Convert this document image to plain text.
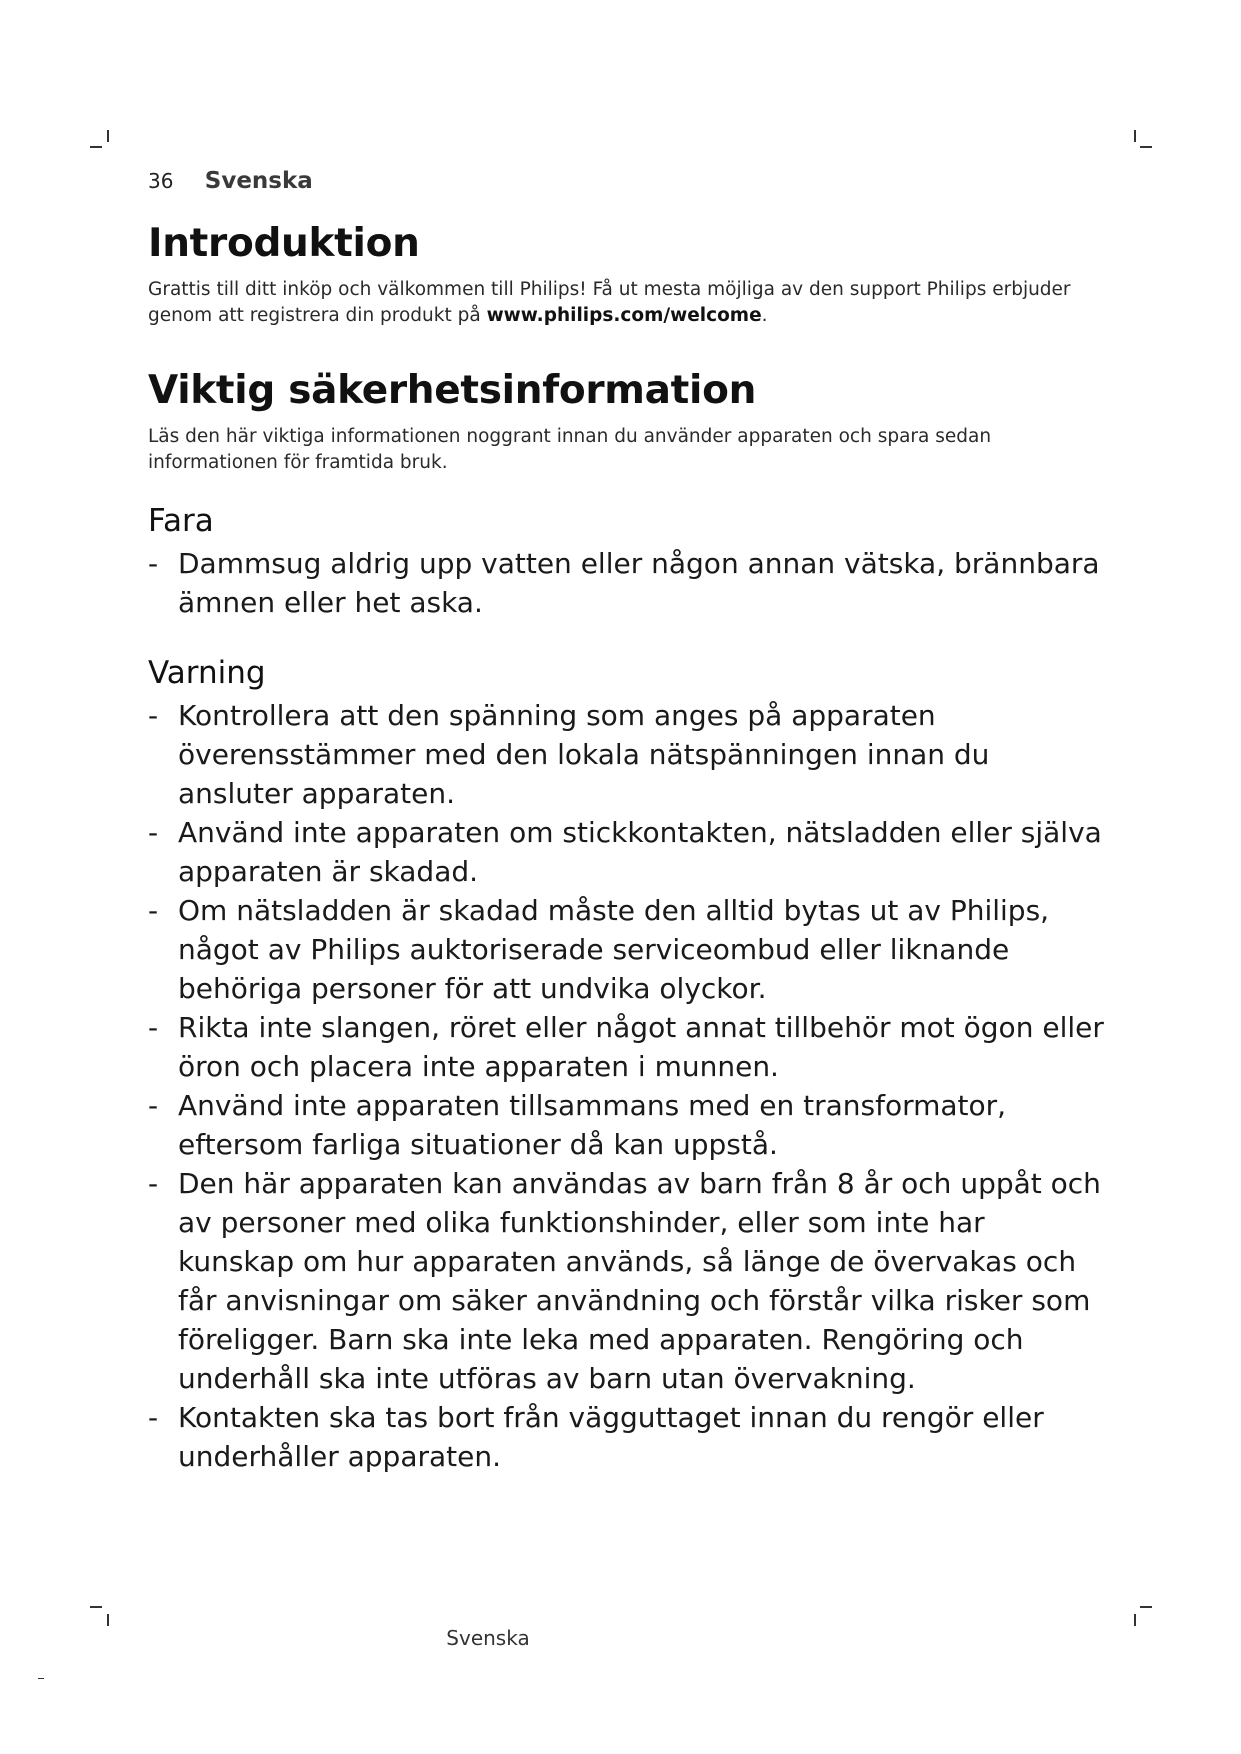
36 Svenska
Introduktion

Grattis till ditt inköp och välkommen till Philips! Få ut mesta möjliga av den support Philips erbjuder genom att registrera din produkt på www.philips.com/welcome.

Viktig säkerhetsinformation

Läs den här viktiga informationen noggrant innan du använder apparaten och spara sedan informationen för framtida bruk.

Fara
- Dammsug aldrig upp vatten eller någon annan vätska, brännbara ämnen eller het aska.
Varning
- Kontrollera att den spänning som anges på apparaten överensstämmer med den lokala nätspänningen innan du ansluter apparaten.
- Använd inte apparaten om stickkontakten, nätsladden eller själva apparaten är skadad.
- Om nätsladden är skadad måste den alltid bytas ut av Philips, något av Philips auktoriserade serviceombud eller liknande behöriga personer för att undvika olyckor.
- Rikta inte slangen, röret eller något annat tillbehör mot ögon eller öron och placera inte apparaten i munnen.
- Använd inte apparaten tillsammans med en transformator, eftersom farliga situationer då kan uppstå.
- Den här apparaten kan användas av barn från 8 år och uppåt och av personer med olika funktionshinder, eller som inte har kunskap om hur apparaten används, så länge de övervakas och får anvisningar om säker användning och förstår vilka risker som föreligger. Barn ska inte leka med apparaten. Rengöring och underhåll ska inte utföras av barn utan övervakning.
- Kontakten ska tas bort från vägguttaget innan du rengör eller underhåller apparaten.
Svenska
